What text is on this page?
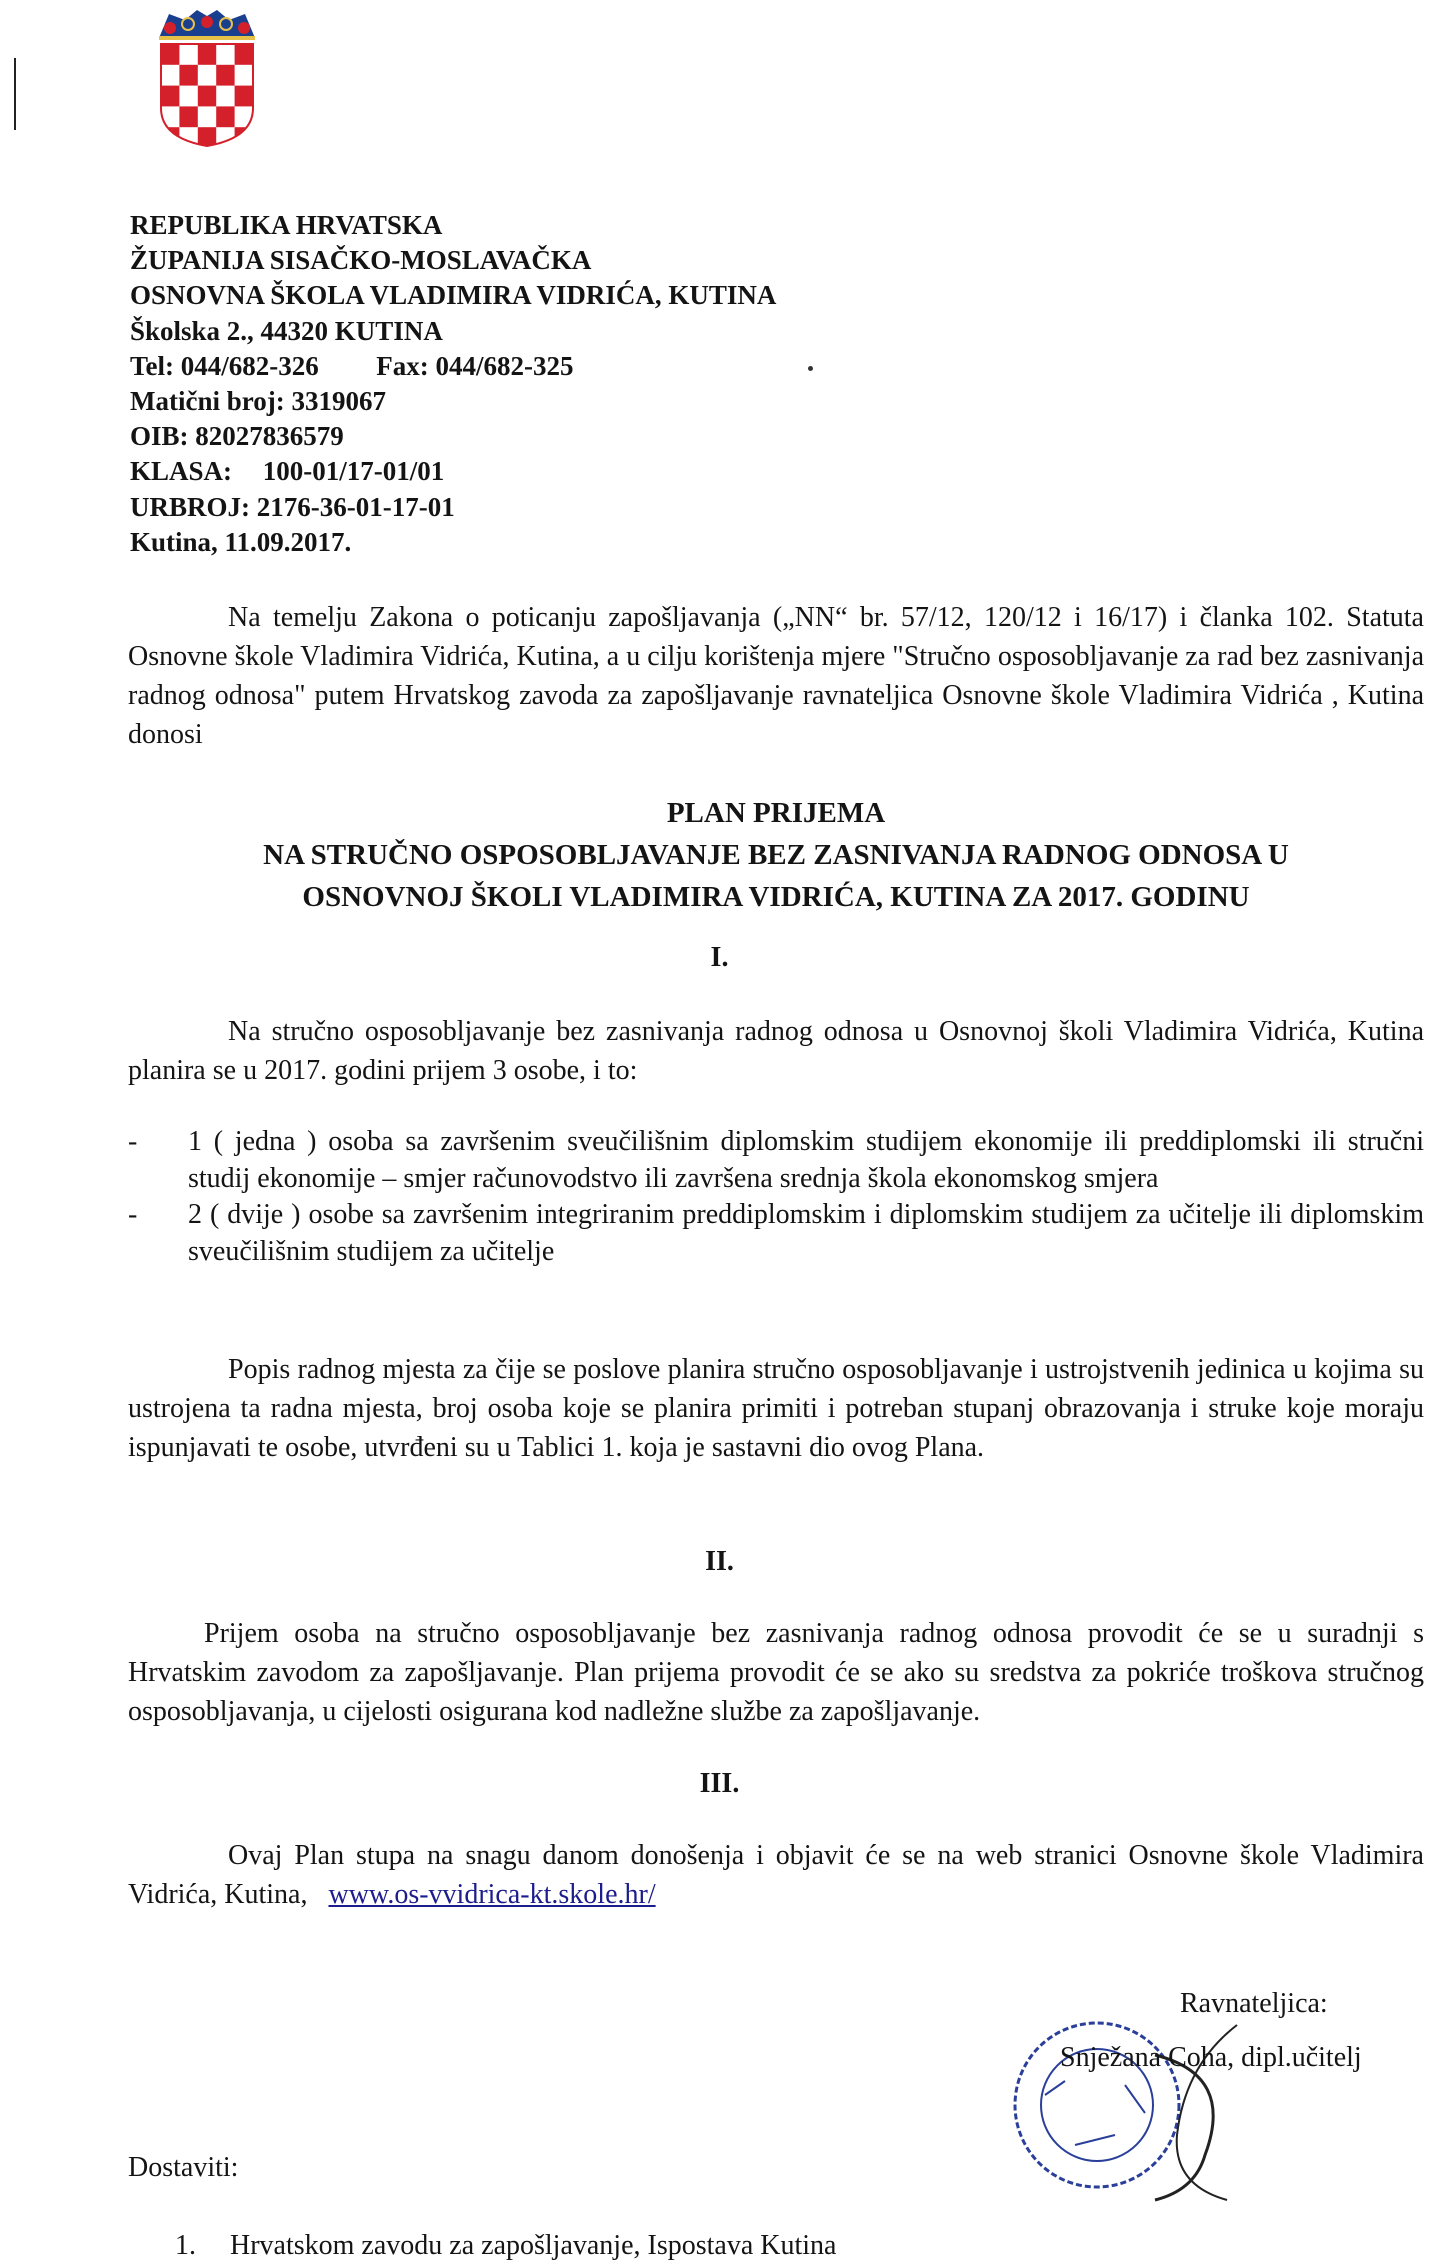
REPUBLIKA HRVATSKA
ŽUPANIJA SISAČKO-MOSLAVAČKA
OSNOVNA ŠKOLA VLADIMIRA VIDRIĆA, KUTINA
Školska 2., 44320 KUTINA
Tel: 044/682-326 Fax: 044/682-325
Matični broj: 3319067
OIB: 82027836579
KLASA: 100-01/17-01/01
URBROJ: 2176-36-01-17-01
Kutina, 11.09.2017.
Na temelju Zakona o poticanju zapošljavanja („NN“ br. 57/12, 120/12 i 16/17) i članka 102. Statuta Osnovne škole Vladimira Vidrića, Kutina, a u cilju korištenja mjere "Stručno osposobljavanje za rad bez zasnivanja radnog odnosa" putem Hrvatskog zavoda za zapošljavanje ravnateljica Osnovne škole Vladimira Vidrića , Kutina donosi
PLAN PRIJEMA
NA STRUČNO OSPOSOBLJAVANJE BEZ ZASNIVANJA RADNOG ODNOSA U
OSNOVNOJ ŠKOLI VLADIMIRA VIDRIĆA, KUTINA ZA 2017. GODINU
I.
Na stručno osposobljavanje bez zasnivanja radnog odnosa u Osnovnoj školi Vladimira Vidrića, Kutina planira se u 2017. godini prijem 3 osobe, i to:
- 1 ( jedna ) osoba sa završenim sveučilišnim diplomskim studijem ekonomije ili preddiplomski ili stručni studij ekonomije – smjer računovodstvo ili završena srednja škola ekonomskog smjera
- 2 ( dvije ) osobe sa završenim integriranim preddiplomskim i diplomskim studijem za učitelje ili diplomskim sveučilišnim studijem za učitelje
Popis radnog mjesta za čije se poslove planira stručno osposobljavanje i ustrojstvenih jedinica u kojima su ustrojena ta radna mjesta, broj osoba koje se planira primiti i potreban stupanj obrazovanja i struke koje moraju ispunjavati te osobe, utvrđeni su u Tablici 1. koja je sastavni dio ovog Plana.
II.
Prijem osoba na stručno osposobljavanje bez zasnivanja radnog odnosa provodit će se u suradnji s Hrvatskim zavodom za zapošljavanje. Plan prijema provodit će se ako su sredstva za pokriće troškova stručnog osposobljavanja, u cijelosti osigurana kod nadležne službe za zapošljavanje.
III.
Ovaj Plan stupa na snagu danom donošenja i objavit će se na web stranici Osnovne škole Vladimira Vidrića, Kutina, www.os-vvidrica-kt.skole.hr/
Ravnateljica:
Snježana Coha, dipl.učitelj
Dostaviti:
1. Hrvatskom zavodu za zapošljavanje, Ispostava Kutina
